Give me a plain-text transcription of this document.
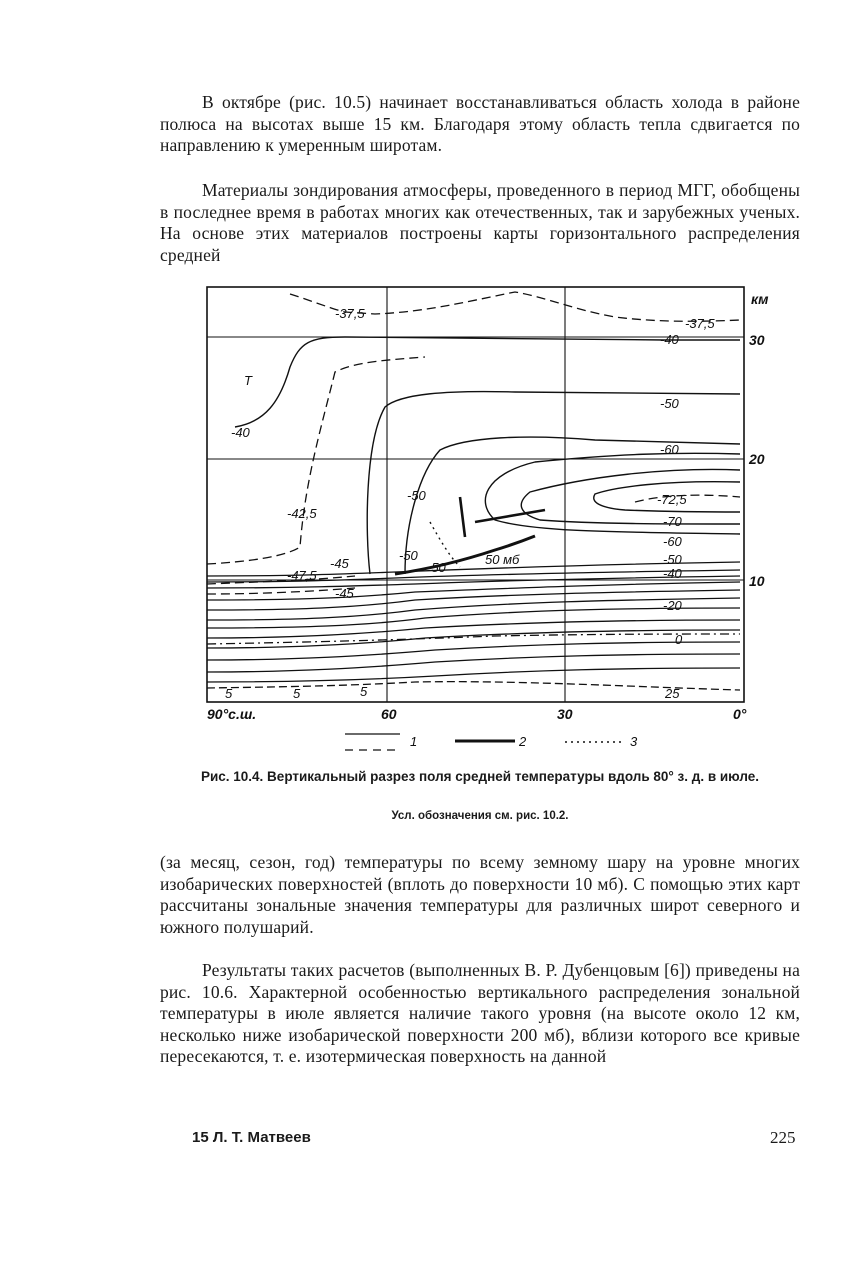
В октябре (рис. 10.5) начинает восстанавливаться область холода в районе полюса на высотах выше 15 км. Благодаря этому область тепла сдвигается по направлению к умеренным широтам.

Материалы зондирования атмосферы, проведенного в период МГГ, обобщены в последнее время в работах многих как отечественных, так и зарубежных ученых. На основе этих материалов построены карты горизонтального распределения средней

км
30
20
10
90°с.ш.	60	30	0°
T
-37,5
-37,5
-40
-40
-50
-60
-72,5
-70
-60
-50
-40
-20
0
25
-42,5
-45
-47,5
-45
-50
-50
-50
5	5
5
50 мб
1	2	3
Рис. 10.4. Вертикальный разрез поля средней температуры вдоль 80° з. д. в июле.
Усл. обозначения см. рис. 10.2.

(за месяц, сезон, год) температуры по всему земному шару на уровне многих изобарических поверхностей (вплоть до поверхности 10 мб). С помощью этих карт рассчитаны зональные значения температуры для различных широт северного и южного полушарий.

Результаты таких расчетов (выполненных В. Р. Дубенцовым [6]) приведены на рис. 10.6. Характерной особенностью вертикального распределения зональной температуры в июле является наличие такого уровня (на высоте около 12 км, несколько ниже изобарической поверхности 200 мб), вблизи которого все кривые пересекаются, т. е. изотермическая поверхность на данной

15 Л. Т. Матвеев	225
